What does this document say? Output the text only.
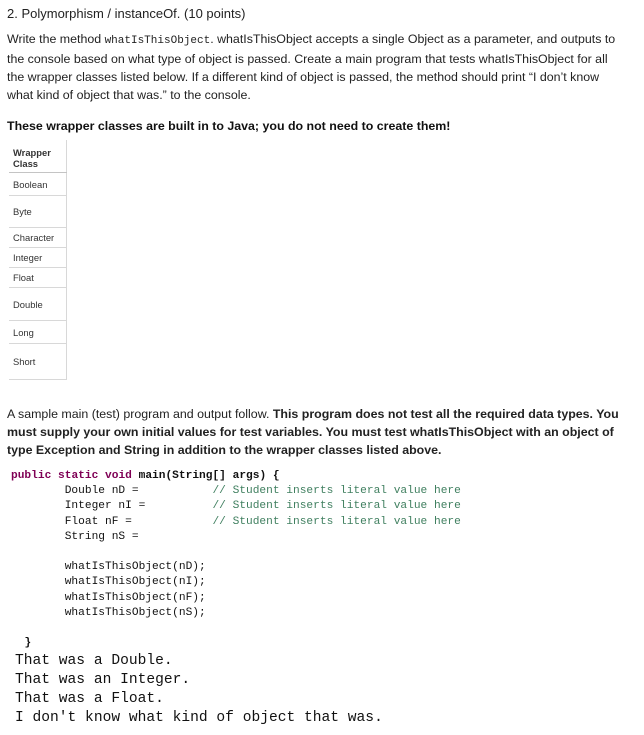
2. Polymorphism / instanceOf. (10 points)
Write the method whatIsThisObject. whatIsThisObject accepts a single Object as a parameter, and outputs to the console based on what type of object is passed. Create a main program that tests whatIsThisObject for all the wrapper classes listed below. If a different kind of object is passed, the method should print “I don’t know what kind of object that was.” to the console.
These wrapper classes are built in to Java; you do not need to create them!
Wrapper Class
Boolean
Byte
Character
Integer
Float
Double
Long
Short
A sample main (test) program and output follow. This program does not test all the required data types. You must supply your own initial values for test variables. You must test whatIsThisObject with an object of type Exception and String in addition to the wrapper classes listed above.
public static void main(String[] args) {
Double nD =	// Student inserts literal value here
Integer nI =	// Student inserts literal value here
Float nF =	// Student inserts literal value here
String nS =

whatIsThisObject(nD);
whatIsThisObject(nI);
whatIsThisObject(nF);
whatIsThisObject(nS);

}
That was a Double.
That was an Integer.
That was a Float.
I don't know what kind of object that was.
